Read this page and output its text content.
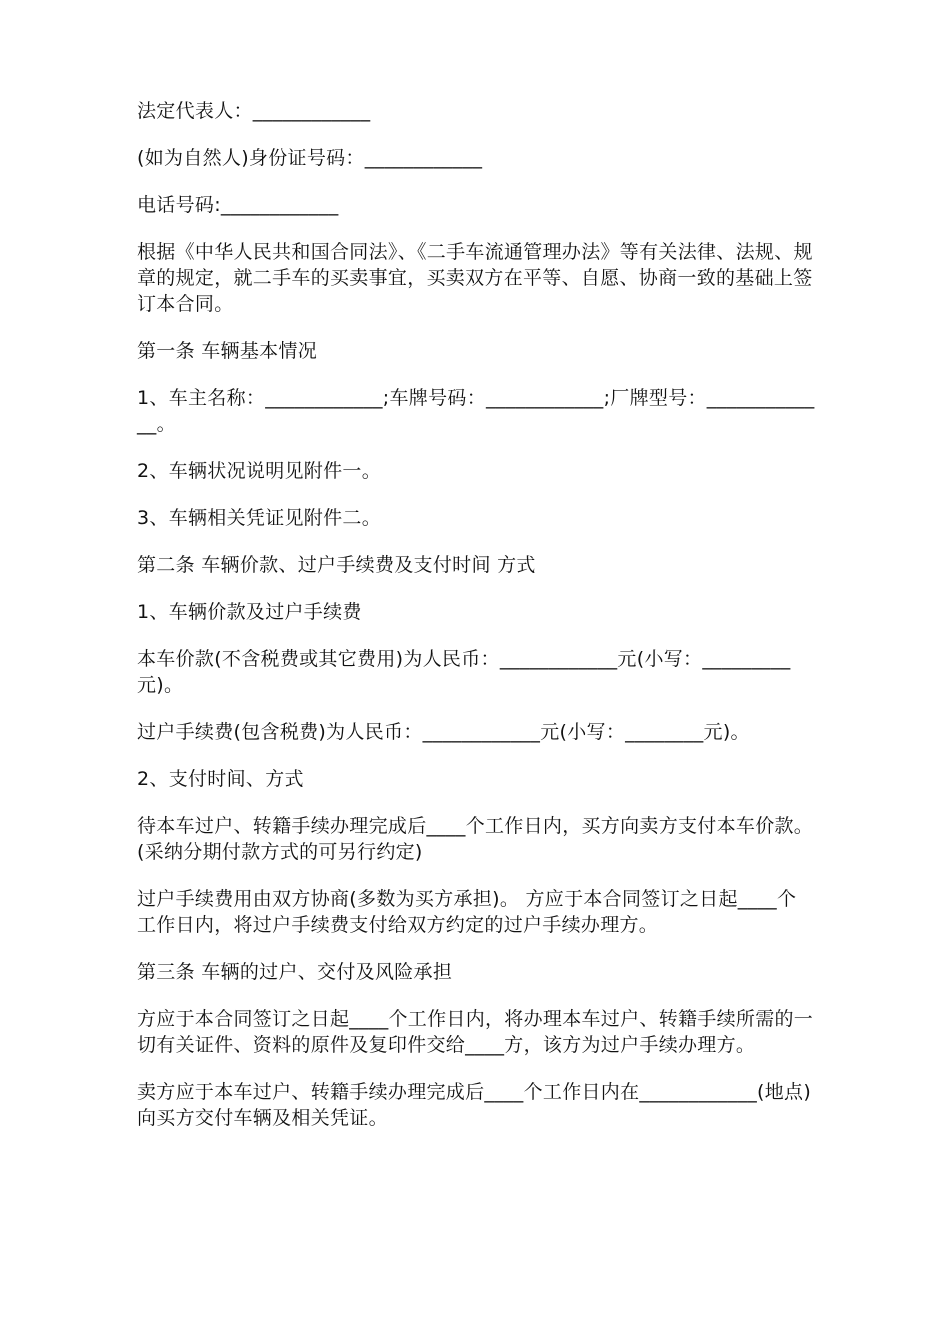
法定代表人：____________

(如为自然人)身份证号码：____________

电话号码:____________

根据《中华人民共和国合同法》、《二手车流通管理办法》等有关法律、法规、规章的规定，就二手车的买卖事宜，买卖双方在平等、自愿、协商一致的基础上签订本合同。

第一条 车辆基本情况

1、车主名称：____________;车牌号码：____________;厂牌型号：_____________。

2、车辆状况说明见附件一。

3、车辆相关凭证见附件二。

第二条 车辆价款、过户手续费及支付时间 方式

1、车辆价款及过户手续费

本车价款(不含税费或其它费用)为人民币：____________元(小写：_________元)。

过户手续费(包含税费)为人民币：____________元(小写：________元)。

2、支付时间、方式

待本车过户、转籍手续办理完成后____个工作日内，买方向卖方支付本车价款。(采纳分期付款方式的可另行约定)

过户手续费用由双方协商(多数为买方承担)。 方应于本合同签订之日起____个工作日内，将过户手续费支付给双方约定的过户手续办理方。

第三条 车辆的过户、交付及风险承担

方应于本合同签订之日起____个工作日内，将办理本车过户、转籍手续所需的一切有关证件、资料的原件及复印件交给____方，该方为过户手续办理方。

卖方应于本车过户、转籍手续办理完成后____个工作日内在____________(地点)向买方交付车辆及相关凭证。
